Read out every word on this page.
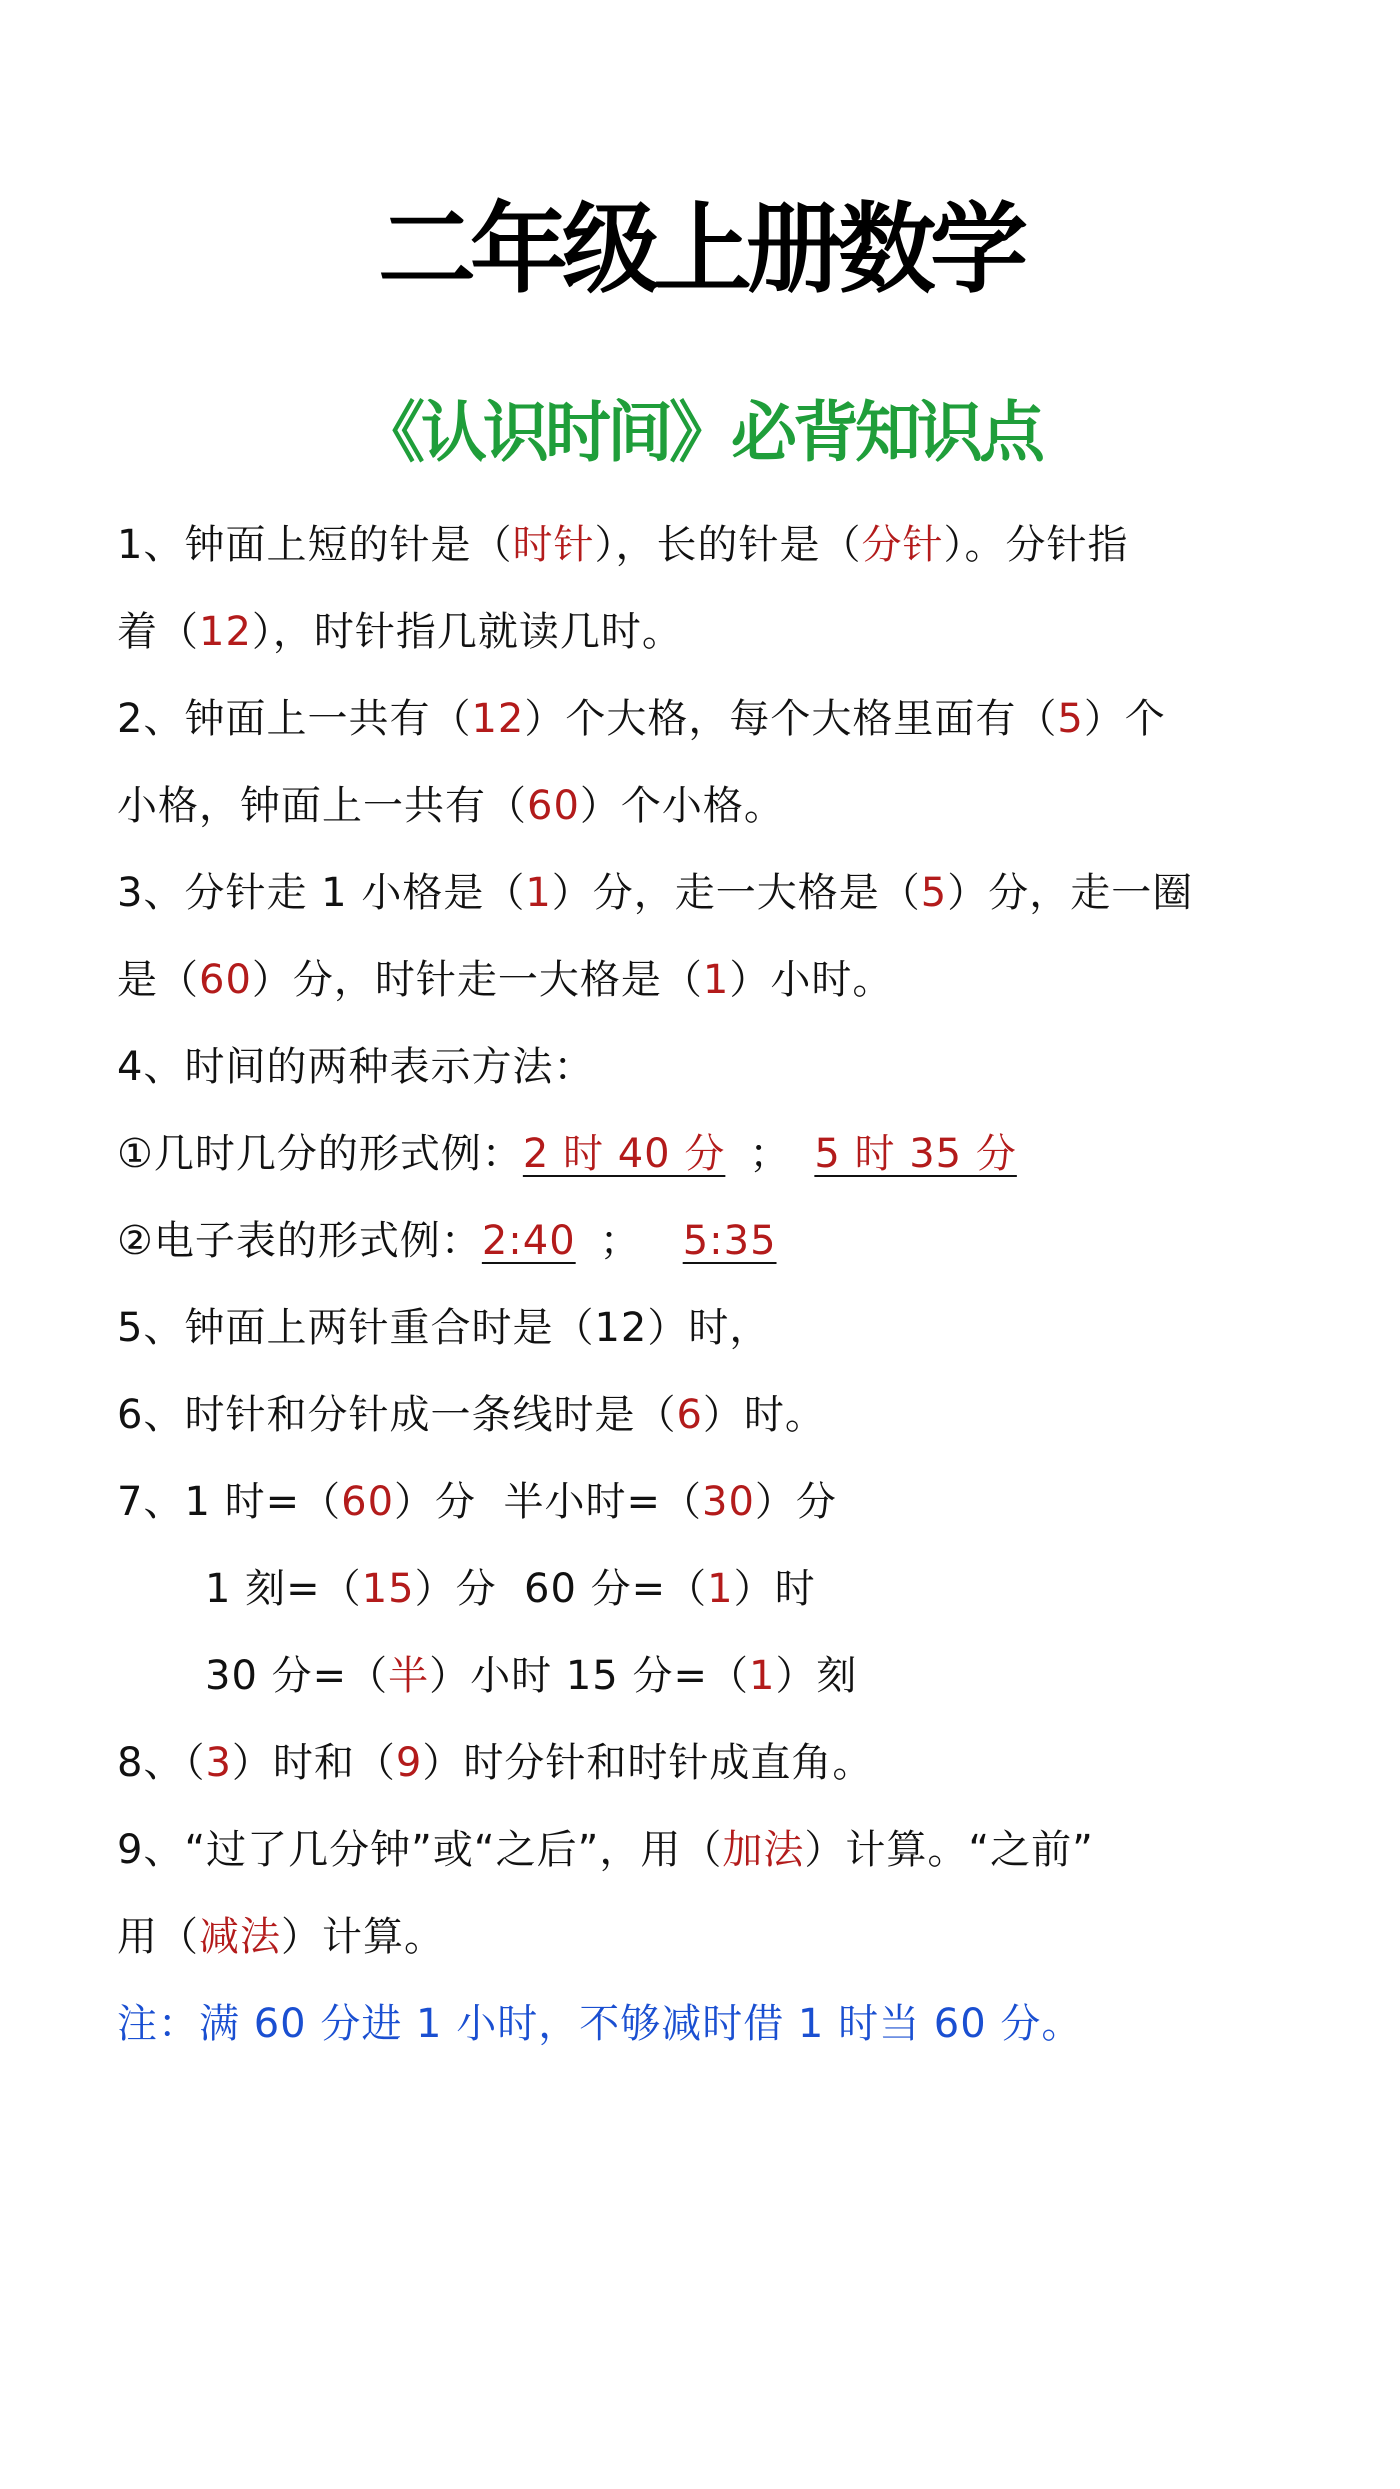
二年级上册数学
《认识时间》必背知识点
1、钟面上短的针是（时针），长的针是（分针）。分针指
着（12），时针指几就读几时。
2、钟面上一共有（12）个大格，每个大格里面有（5）个
小格，钟面上一共有（60）个小格。
3、分针走 1 小格是（1）分，走一大格是（5）分，走一圈
是（60）分，时针走一大格是（1）小时。
4、时间的两种表示方法：
①几时几分的形式例：2 时 40 分 ； 5 时 35 分
②电子表的形式例：2:40 ； 5:35
5、钟面上两针重合时是（12）时，
6、时针和分针成一条线时是（6）时。
7、1 时=（60）分  半小时=（30）分
1 刻=（15）分  60 分=（1）时
30 分=（半）小时 15 分=（1）刻
8、（3）时和（9）时分针和时针成直角。
9、“过了几分钟”或“之后”，用（加法）计算。“之前”
用（减法）计算。
注：满 60 分进 1 小时，不够减时借 1 时当 60 分。
